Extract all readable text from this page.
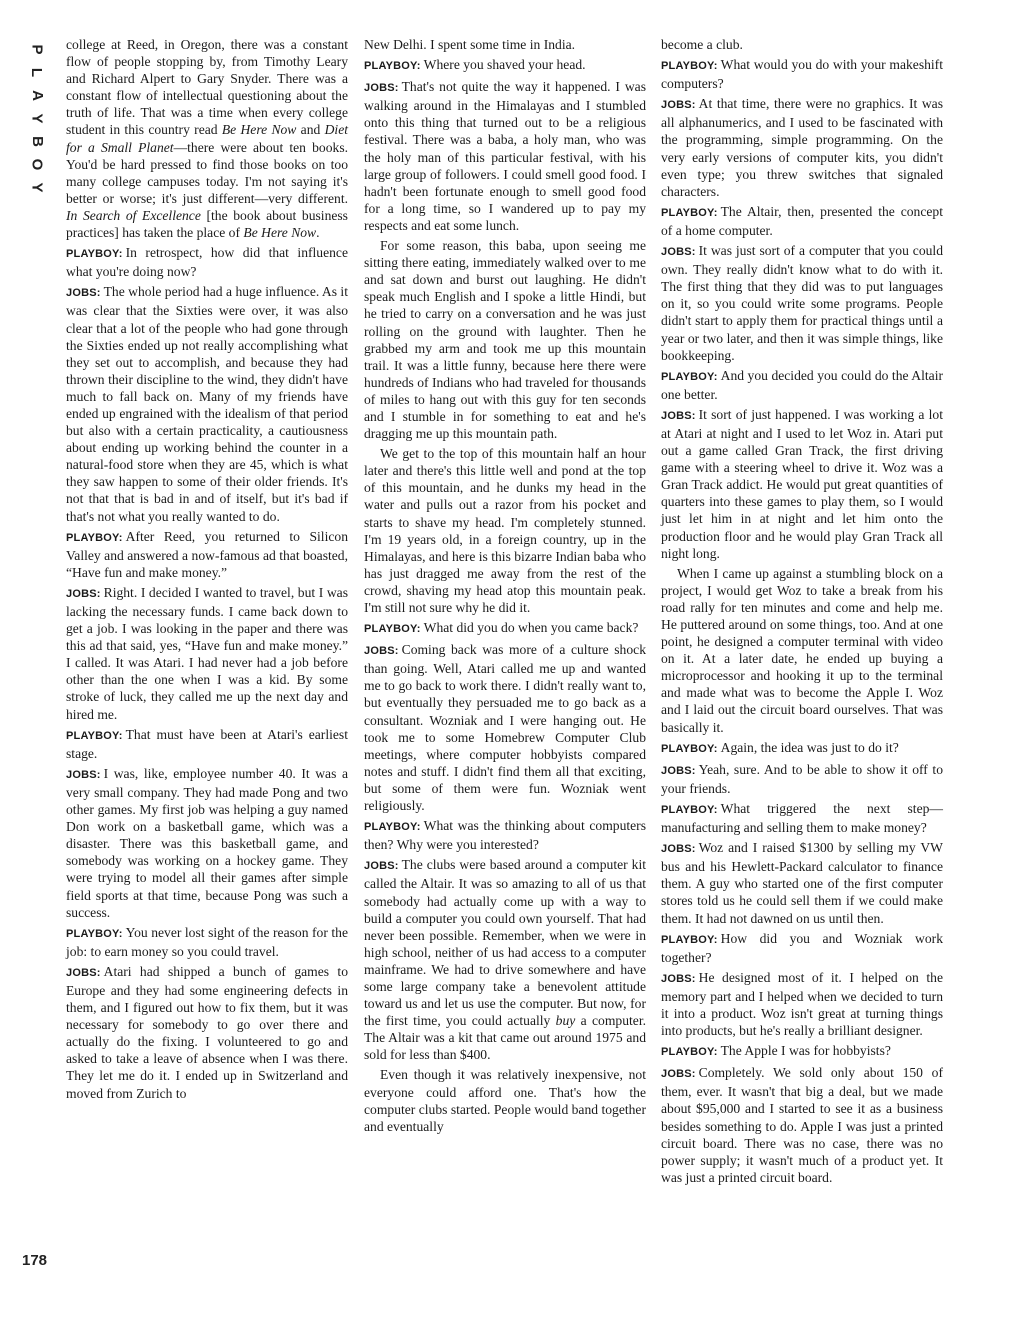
P
L
A
Y
B
O
Y
178

college at Reed, in Oregon, there was a constant flow of people stopping by, from Timothy Leary and Richard Alpert to Gary Snyder. There was a constant flow of intellectual questioning about the truth of life. That was a time when every college student in this country read Be Here Now and Diet for a Small Planet—there were about ten books. You'd be hard pressed to find those books on too many college campuses today. I'm not saying it's better or worse; it's just different—very different. In Search of Excellence [the book about business practices] has taken the place of Be Here Now.

PLAYBOY: In retrospect, how did that influence what you're doing now?

JOBS: The whole period had a huge influence. As it was clear that the Sixties were over, it was also clear that a lot of the people who had gone through the Sixties ended up not really accomplishing what they set out to accomplish, and because they had thrown their discipline to the wind, they didn't have much to fall back on. Many of my friends have ended up engrained with the idealism of that period but also with a certain practicality, a cautiousness about ending up working behind the counter in a natural-food store when they are 45, which is what they saw happen to some of their older friends. It's not that that is bad in and of itself, but it's bad if that's not what you really wanted to do.

PLAYBOY: After Reed, you returned to Silicon Valley and answered a now-famous ad that boasted, “Have fun and make money.”

JOBS: Right. I decided I wanted to travel, but I was lacking the necessary funds. I came back down to get a job. I was looking in the paper and there was this ad that said, yes, “Have fun and make money.” I called. It was Atari. I had never had a job before other than the one when I was a kid. By some stroke of luck, they called me up the next day and hired me.

PLAYBOY: That must have been at Atari's earliest stage.

JOBS: I was, like, employee number 40. It was a very small company. They had made Pong and two other games. My first job was helping a guy named Don work on a basketball game, which was a disaster. There was this basketball game, and somebody was working on a hockey game. They were trying to model all their games after simple field sports at that time, because Pong was such a success.

PLAYBOY: You never lost sight of the reason for the job: to earn money so you could travel.

JOBS: Atari had shipped a bunch of games to Europe and they had some engineering defects in them, and I figured out how to fix them, but it was necessary for somebody to go over there and actually do the fixing. I volunteered to go and asked to take a leave of absence when I was there. They let me do it. I ended up in Switzerland and moved from Zurich to

New Delhi. I spent some time in India.

PLAYBOY: Where you shaved your head.

JOBS: That's not quite the way it happened. I was walking around in the Himalayas and I stumbled onto this thing that turned out to be a religious festival. There was a baba, a holy man, who was the holy man of this particular festival, with his large group of followers. I could smell good food. I hadn't been fortunate enough to smell good food for a long time, so I wandered up to pay my respects and eat some lunch.

For some reason, this baba, upon seeing me sitting there eating, immediately walked over to me and sat down and burst out laughing. He didn't speak much English and I spoke a little Hindi, but he tried to carry on a conversation and he was just rolling on the ground with laughter. Then he grabbed my arm and took me up this mountain trail. It was a little funny, because here there were hundreds of Indians who had traveled for thousands of miles to hang out with this guy for ten seconds and I stumble in for something to eat and he's dragging me up this mountain path.

We get to the top of this mountain half an hour later and there's this little well and pond at the top of this mountain, and he dunks my head in the water and pulls out a razor from his pocket and starts to shave my head. I'm completely stunned. I'm 19 years old, in a foreign country, up in the Himalayas, and here is this bizarre Indian baba who has just dragged me away from the rest of the crowd, shaving my head atop this mountain peak. I'm still not sure why he did it.

PLAYBOY: What did you do when you came back?

JOBS: Coming back was more of a culture shock than going. Well, Atari called me up and wanted me to go back to work there. I didn't really want to, but eventually they persuaded me to go back as a consultant. Wozniak and I were hanging out. He took me to some Homebrew Computer Club meetings, where computer hobbyists compared notes and stuff. I didn't find them all that exciting, but some of them were fun. Wozniak went religiously.

PLAYBOY: What was the thinking about computers then? Why were you interested?

JOBS: The clubs were based around a computer kit called the Altair. It was so amazing to all of us that somebody had actually come up with a way to build a computer you could own yourself. That had never been possible. Remember, when we were in high school, neither of us had access to a computer mainframe. We had to drive somewhere and have some large company take a benevolent attitude toward us and let us use the computer. But now, for the first time, you could actually buy a computer. The Altair was a kit that came out around 1975 and sold for less than $400.

Even though it was relatively inexpensive, not everyone could afford one. That's how the computer clubs started. People would band together and eventually

become a club.

PLAYBOY: What would you do with your makeshift computers?

JOBS: At that time, there were no graphics. It was all alphanumerics, and I used to be fascinated with the programming, simple programming. On the very early versions of computer kits, you didn't even type; you threw switches that signaled characters.

PLAYBOY: The Altair, then, presented the concept of a home computer.

JOBS: It was just sort of a computer that you could own. They really didn't know what to do with it. The first thing that they did was to put languages on it, so you could write some programs. People didn't start to apply them for practical things until a year or two later, and then it was simple things, like bookkeeping.

PLAYBOY: And you decided you could do the Altair one better.

JOBS: It sort of just happened. I was working a lot at Atari at night and I used to let Woz in. Atari put out a game called Gran Track, the first driving game with a steering wheel to drive it. Woz was a Gran Track addict. He would put great quantities of quarters into these games to play them, so I would just let him in at night and let him onto the production floor and he would play Gran Track all night long.

When I came up against a stumbling block on a project, I would get Woz to take a break from his road rally for ten minutes and come and help me. He puttered around on some things, too. And at one point, he designed a computer terminal with video on it. At a later date, he ended up buying a microprocessor and hooking it up to the terminal and made what was to become the Apple I. Woz and I laid out the circuit board ourselves. That was basically it.

PLAYBOY: Again, the idea was just to do it?

JOBS: Yeah, sure. And to be able to show it off to your friends.

PLAYBOY: What triggered the next step—manufacturing and selling them to make money?

JOBS: Woz and I raised $1300 by selling my VW bus and his Hewlett-Packard calculator to finance them. A guy who started one of the first computer stores told us he could sell them if we could make them. It had not dawned on us until then.

PLAYBOY: How did you and Wozniak work together?

JOBS: He designed most of it. I helped on the memory part and I helped when we decided to turn it into a product. Woz isn't great at turning things into products, but he's really a brilliant designer.

PLAYBOY: The Apple I was for hobbyists?

JOBS: Completely. We sold only about 150 of them, ever. It wasn't that big a deal, but we made about $95,000 and I started to see it as a business besides something to do. Apple I was just a printed circuit board. There was no case, there was no power supply; it wasn't much of a product yet. It was just a printed circuit board.
